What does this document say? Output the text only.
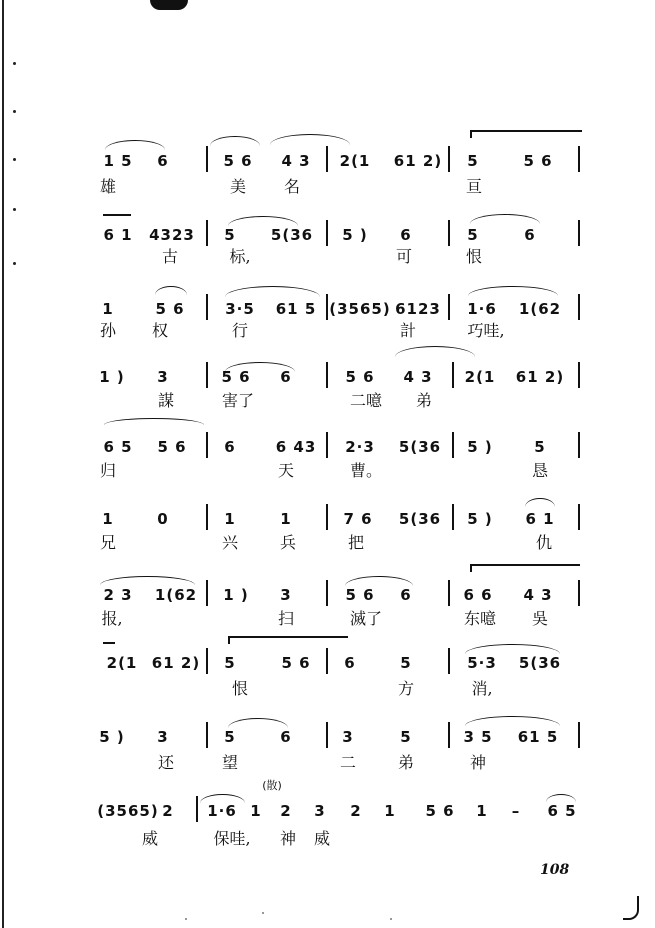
1 5 6	5 6 4 3 2(1 61 2) 5	5 6
雄	美 名	亘
6 1 4323 5 5(36 5 ) 6	5	6
古	标,	可	恨
1	5 6	3·5 61 5 (3565) 6123 1·6 1(62
孙 权	行	計	巧哇,
1 ) 3	5 6 6	5 6 4 3 2(1 61 2)
謀	害了	二噫 弟
6 5 5 6	6	6 43 2·3 5(36 5 )	5
归	天	曹。	恳
1	0	1	1	7 6 5(36 5 ) 6 1
兄	兴	兵	把	仇
2 3 1(62 1 ) 3	5 6 6	6 6 4 3
报,	扫	滅了	东噫 吳
2(1 61 2) 5	5 6 6	5	5·3 5(36
恨	方	消,
5 ) 3	5	6	3	5	3 5 61 5
还	望	二	弟	神
(散)
(3565) 2 1·6 1 2 3 2 1 5 6 1 – 6 5
威	保哇, 神 威
108
